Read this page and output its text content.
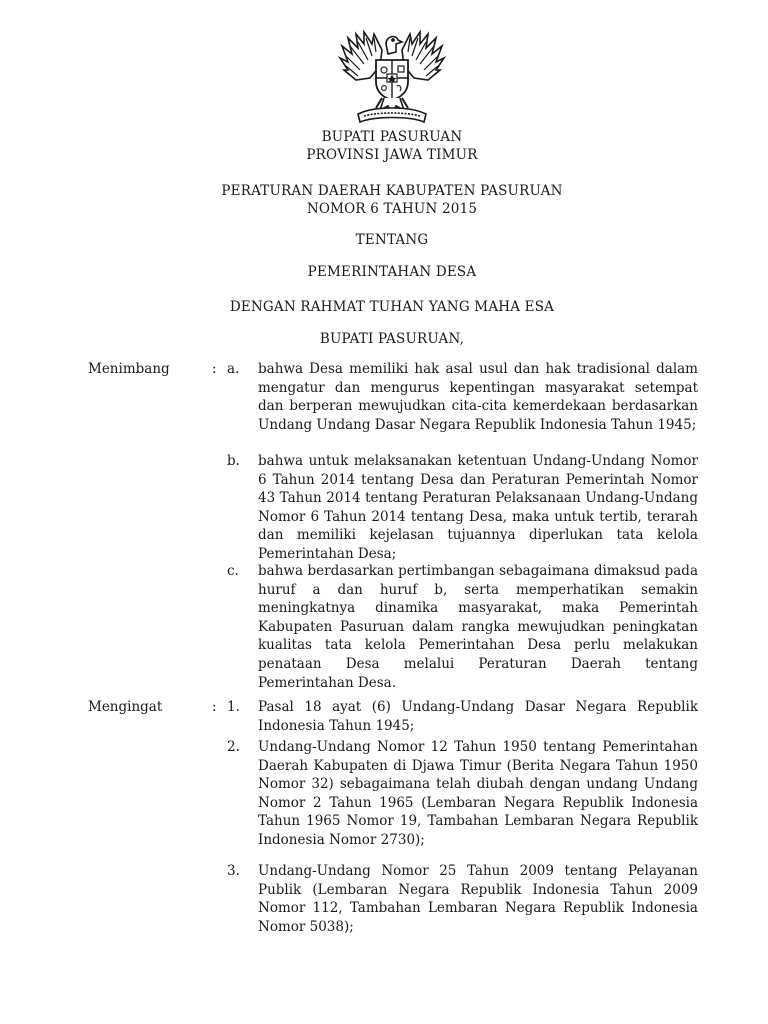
BUPATI PASURUAN
PROVINSI JAWA TIMUR
PERATURAN DAERAH KABUPATEN PASURUAN
NOMOR 6 TAHUN 2015
TENTANG
PEMERINTAHAN DESA
DENGAN RAHMAT TUHAN YANG MAHA ESA
BUPATI PASURUAN,
Menimbang	: a. bahwa Desa memiliki hak asal usul dan hak tradisional dalam mengatur dan mengurus kepentingan masyarakat setempat dan berperan mewujudkan cita-cita kemerdekaan berdasarkan Undang Undang Dasar Negara Republik Indonesia Tahun 1945;
b. bahwa untuk melaksanakan ketentuan Undang-Undang Nomor 6 Tahun 2014 tentang Desa dan Peraturan Pemerintah Nomor 43 Tahun 2014 tentang Peraturan Pelaksanaan Undang-Undang Nomor 6 Tahun 2014 tentang Desa, maka untuk tertib, terarah dan memiliki kejelasan tujuannya diperlukan tata kelola Pemerintahan Desa;
c. bahwa berdasarkan pertimbangan sebagaimana dimaksud pada huruf a dan huruf b, serta memperhatikan semakin meningkatnya dinamika masyarakat, maka Pemerintah Kabupaten Pasuruan dalam rangka mewujudkan peningkatan kualitas tata kelola Pemerintahan Desa perlu melakukan penataan Desa melalui Peraturan Daerah tentang Pemerintahan Desa.
Mengingat	: 1. Pasal 18 ayat (6) Undang-Undang Dasar Negara Republik Indonesia Tahun 1945;
2. Undang-Undang Nomor 12 Tahun 1950 tentang Pemerintahan Daerah Kabupaten di Djawa Timur (Berita Negara Tahun 1950 Nomor 32) sebagaimana telah diubah dengan undang Undang Nomor 2 Tahun 1965 (Lembaran Negara Republik Indonesia Tahun 1965 Nomor 19, Tambahan Lembaran Negara Republik Indonesia Nomor 2730);
3. Undang-Undang Nomor 25 Tahun 2009 tentang Pelayanan Publik (Lembaran Negara Republik Indonesia Tahun 2009 Nomor 112, Tambahan Lembaran Negara Republik Indonesia Nomor 5038);
